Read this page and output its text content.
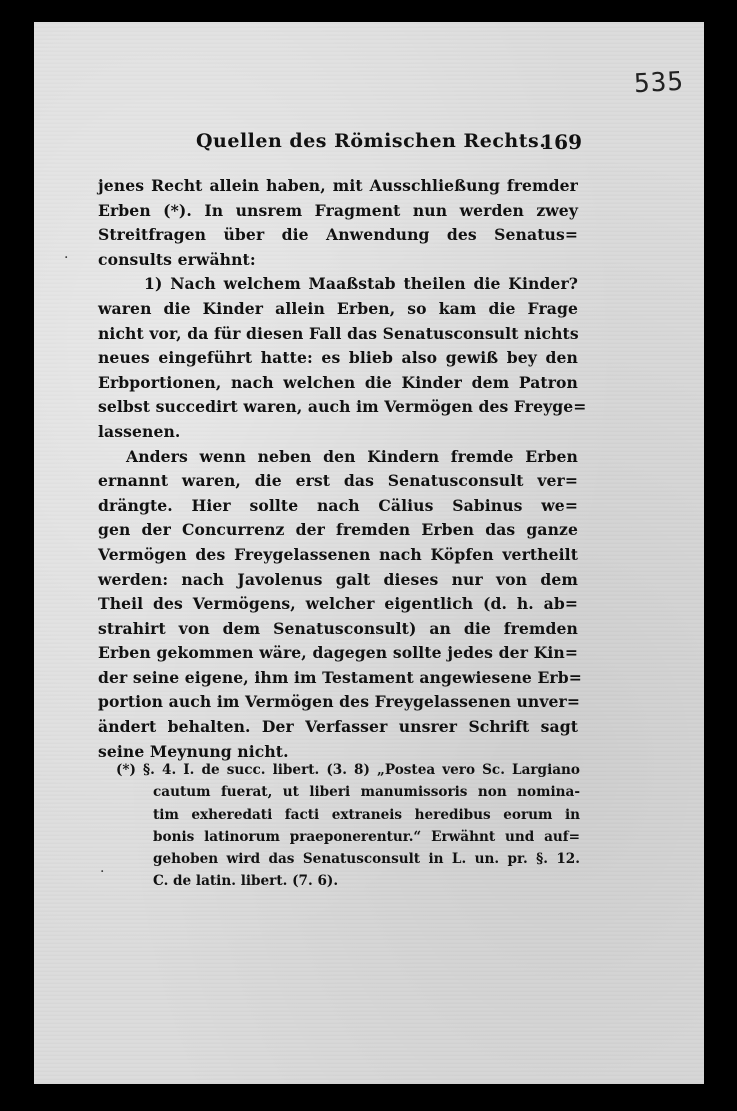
535
Quellen des Römischen Rechts.
169
·
·
jenes Recht allein haben, mit Ausschließung fremder
Erben (*). In unsrem Fragment nun werden zwey
Streitfragen über die Anwendung des Senatus=
consults erwähnt:
1) Nach welchem Maaßstab theilen die Kinder?
waren die Kinder allein Erben, so kam die Frage
nicht vor, da für diesen Fall das Senatusconsult nichts
neues eingeführt hatte: es blieb also gewiß bey den
Erbportionen, nach welchen die Kinder dem Patron
selbst succedirt waren, auch im Vermögen des Freyge=
lassenen.
Anders wenn neben den Kindern fremde Erben
ernannt waren, die erst das Senatusconsult ver=
drängte. Hier sollte nach Cälius Sabinus we=
gen der Concurrenz der fremden Erben das ganze
Vermögen des Freygelassenen nach Köpfen vertheilt
werden: nach Javolenus galt dieses nur von dem
Theil des Vermögens, welcher eigentlich (d. h. ab=
strahirt von dem Senatusconsult) an die fremden
Erben gekommen wäre, dagegen sollte jedes der Kin=
der seine eigene, ihm im Testament angewiesene Erb=
portion auch im Vermögen des Freygelassenen unver=
ändert behalten. Der Verfasser unsrer Schrift sagt
seine Meynung nicht.
(*) §. 4. I. de succ. libert. (3. 8) „Postea vero Sc. Largiano
cautum fuerat, ut liberi manumissoris non nomina-
tim exheredati facti extraneis heredibus eorum in
bonis latinorum praeponerentur.“ Erwähnt und auf=
gehoben wird das Senatusconsult in L. un. pr. §. 12.
C. de latin. libert. (7. 6).
